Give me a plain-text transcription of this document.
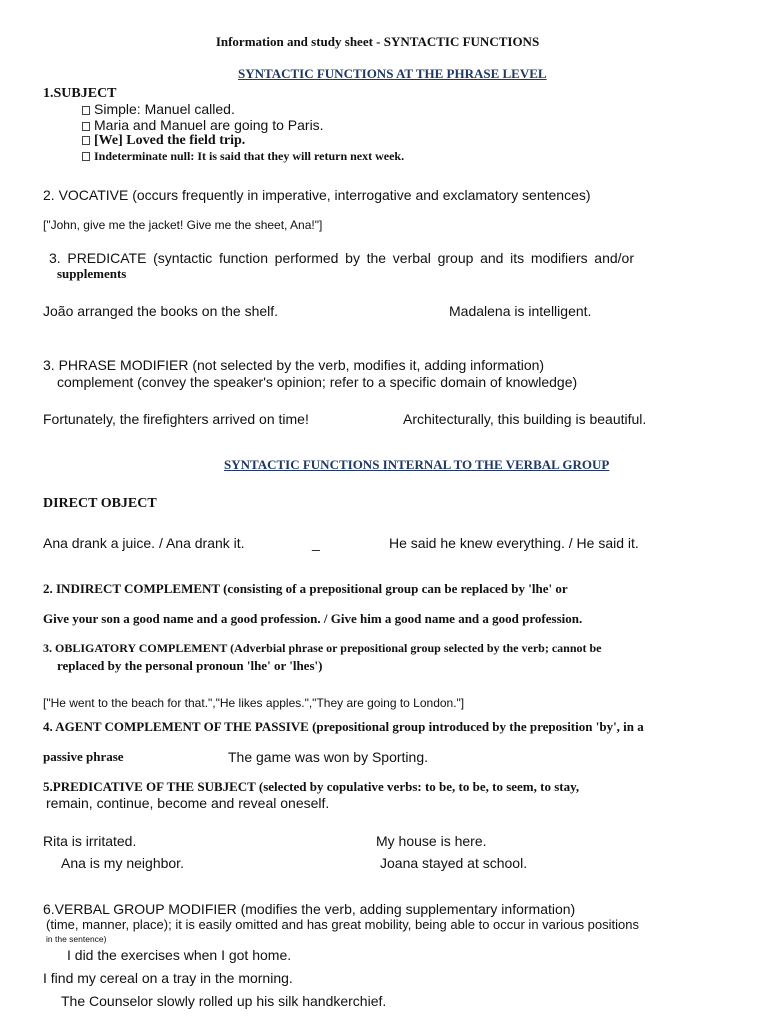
Information and study sheet - SYNTACTIC FUNCTIONS
SYNTACTIC FUNCTIONS AT THE PHRASE LEVEL
1.SUBJECT
Simple: Manuel called.
Maria and Manuel are going to Paris.
[We] Loved the field trip.
Indeterminate null: It is said that they will return next week.
2. VOCATIVE (occurs frequently in imperative, interrogative and exclamatory sentences)
["John, give me the jacket! Give me the sheet, Ana!"]
3. PREDICATE (syntactic function performed by the verbal group and its modifiers and/or
supplements
João arranged the books on the shelf.	Madalena is intelligent.
3. PHRASE MODIFIER (not selected by the verb, modifies it, adding information)
complement (convey the speaker's opinion; refer to a specific domain of knowledge)
Fortunately, the firefighters arrived on time!	Architecturally, this building is beautiful.
SYNTACTIC FUNCTIONS INTERNAL TO THE VERBAL GROUP
DIRECT OBJECT
Ana drank a juice. / Ana drank it.	_	He said he knew everything. / He said it.
2. INDIRECT COMPLEMENT (consisting of a prepositional group can be replaced by 'lhe' or
Give your son a good name and a good profession. / Give him a good name and a good profession.
3. OBLIGATORY COMPLEMENT (Adverbial phrase or prepositional group selected by the verb; cannot be
replaced by the personal pronoun 'lhe' or 'lhes')
["He went to the beach for that.","He likes apples.","They are going to London."]
4. AGENT COMPLEMENT OF THE PASSIVE (prepositional group introduced by the preposition 'by', in a
passive phrase	The game was won by Sporting.
5.PREDICATIVE OF THE SUBJECT (selected by copulative verbs: to be, to be, to seem, to stay,
remain, continue, become and reveal oneself.
Rita is irritated.	My house is here.
Ana is my neighbor.	Joana stayed at school.
6.VERBAL GROUP MODIFIER (modifies the verb, adding supplementary information)
(time, manner, place); it is easily omitted and has great mobility, being able to occur in various positions
in the sentence)
I did the exercises when I got home.
I find my cereal on a tray in the morning.
The Counselor slowly rolled up his silk handkerchief.
